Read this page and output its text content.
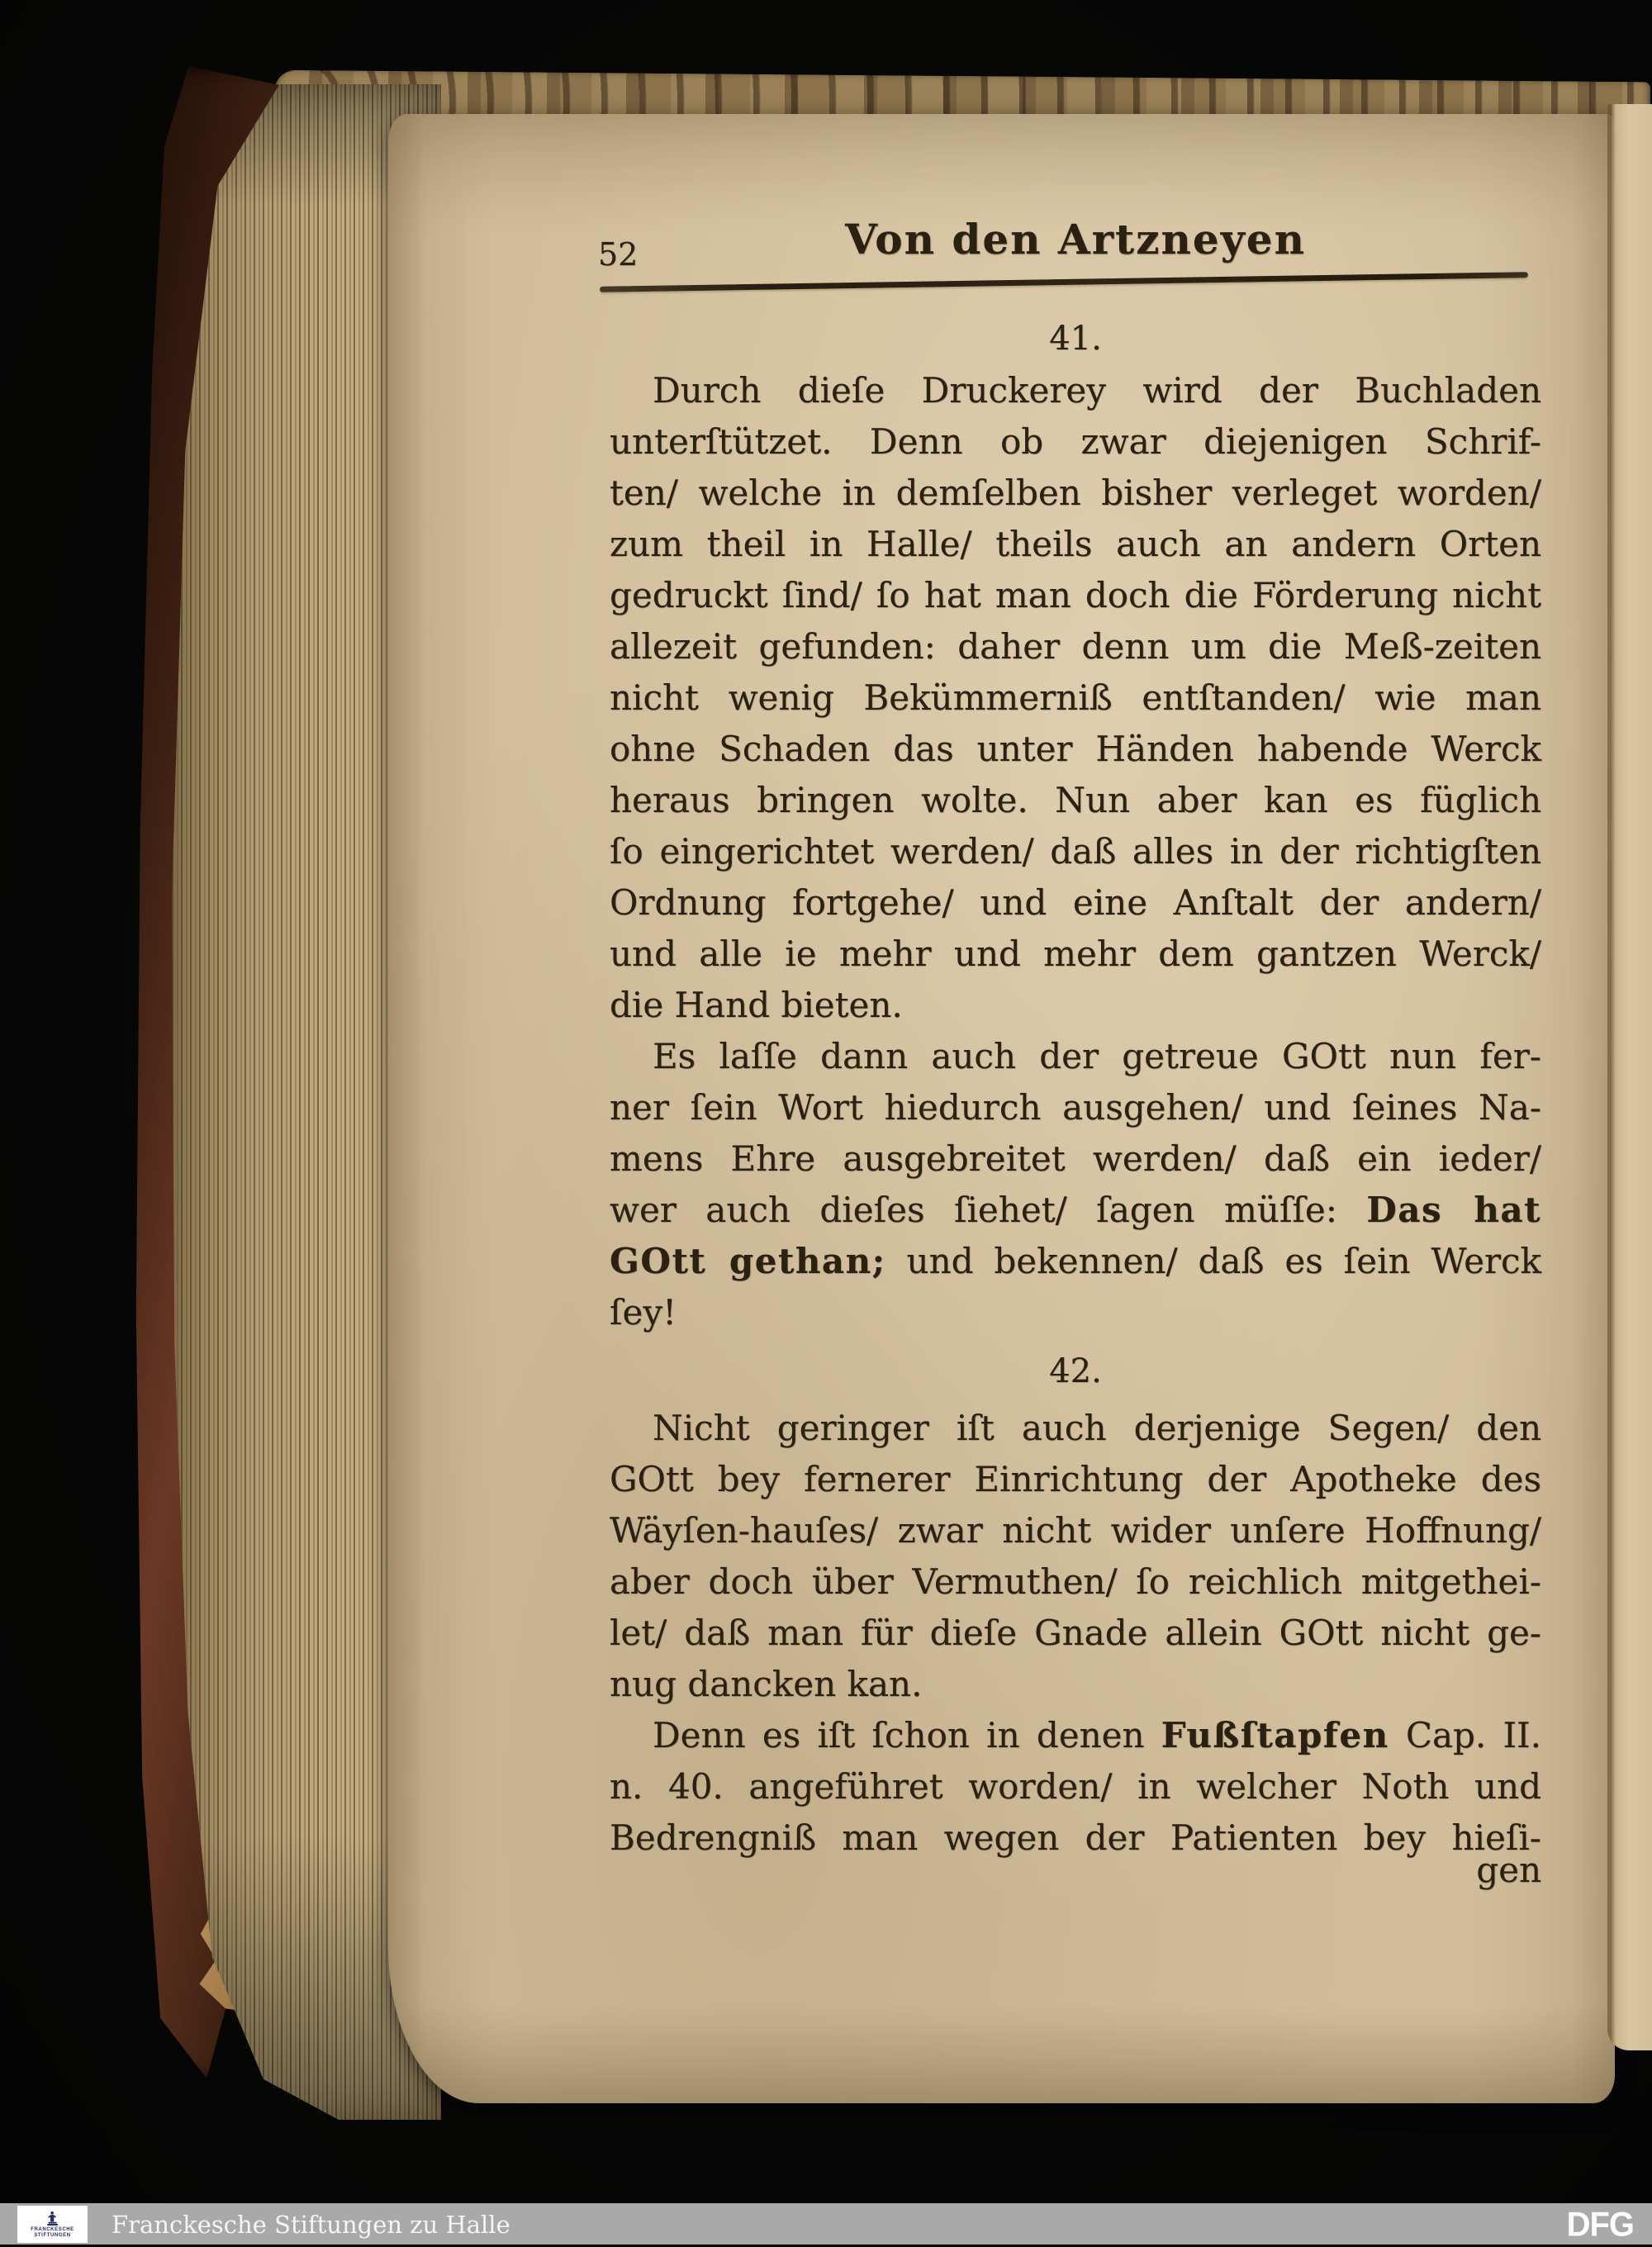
52	Von den Artzneyen
41.
Durch dieſe Druckerey wird der Buchladen
unterſtützet. Denn ob zwar diejenigen Schrif-
ten/ welche in demſelben bisher verleget worden/
zum theil in Halle/ theils auch an andern Orten
gedruckt ſind/ ſo hat man doch die Förderung nicht
allezeit gefunden: daher denn um die Meß-zeiten
nicht wenig Bekümmerniß entſtanden/ wie man
ohne Schaden das unter Händen habende Werck
heraus bringen wolte. Nun aber kan es füglich
ſo eingerichtet werden/ daß alles in der richtigſten
Ordnung fortgehe/ und eine Anſtalt der andern/
und alle ie mehr und mehr dem gantzen Werck/
die Hand bieten.
Es laſſe dann auch der getreue GOtt nun fer-
ner ſein Wort hiedurch ausgehen/ und ſeines Na-
mens Ehre ausgebreitet werden/ daß ein ieder/
wer auch dieſes ſiehet/ ſagen müſſe: Das hat
GOtt gethan; und bekennen/ daß es ſein Werck
ſey!
42.
Nicht geringer iſt auch derjenige Segen/ den
GOtt bey fernerer Einrichtung der Apotheke des
Wäyſen-hauſes/ zwar nicht wider unſere Hoffnung/
aber doch über Vermuthen/ ſo reichlich mitgethei-
let/ daß man für dieſe Gnade allein GOtt nicht ge-
nug dancken kan.
Denn es iſt ſchon in denen Fußſtapfen Cap. II.
n. 40. angeführet worden/ in welcher Noth und
Bedrengniß man wegen der Patienten bey hieſi-
gen
FRANCKESCHE
STIFTUNGEN Franckesche Stiftungen zu Halle	DFG
